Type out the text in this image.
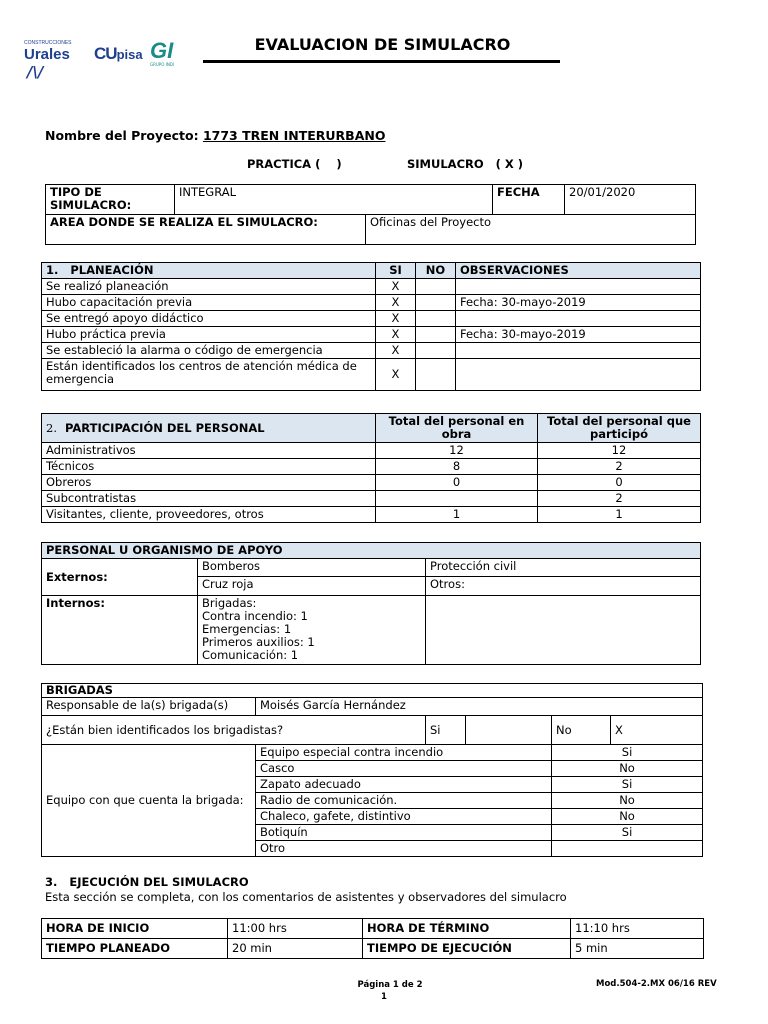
CONSTRUCCIONES
Urales /\/
CUpisa GI
GRUPO INDI
EVALUACION DE SIMULACRO
Nombre del Proyecto: 1773 TREN INTERURBANO
PRACTICA (    )	SIMULACRO   ( X )
TIPO DE SIMULACRO:	INTEGRAL		FECHA	20/01/2020
AREA DONDE SE REALIZA EL SIMULACRO:		Oficinas del Proyecto		
1.   PLANEACIÓN	SI	NO	OBSERVACIONES
Se realizó planeación	X		
Hubo capacitación previa	X		Fecha: 30-mayo-2019
Se entregó apoyo didáctico	X		
Hubo práctica previa	X		Fecha: 30-mayo-2019
Se estableció la alarma o código de emergencia	X		
Están identificados los centros de atención médica de emergencia	X		
2. PARTICIPACIÓN DEL PERSONAL	Total del personal en obra	Total del personal que participó
Administrativos	12	12
Técnicos	8	2
Obreros	0	0
Subcontratistas		2
Visitantes, cliente, proveedores, otros	1	1
PERSONAL U ORGANISMO DE APOYO		
Externos:	Bomberos	Protección civil
	Cruz roja	Otros:
Internos:	Brigadas:
Contra incendio: 1
Emergencias: 1
Primeros auxilios: 1
Comunicación: 1	

BRIGADAS					
Responsable de la(s) brigada(s)	Moisés García Hernández				
¿Están bien identificados los brigadistas?		Si		No	X
Equipo con que cuenta la brigada:	Equipo especial contra incendio			Si	
	Casco			No	
	Zapato adecuado			Si	
	Radio de comunicación.			No	
	Chaleco, gafete, distintivo			No	
	Botiquín			Si	
	Otro				
3.   EJECUCIÓN DEL SIMULACRO
Esta sección se completa, con los comentarios de asistentes y observadores del simulacro
HORA DE INICIO	11:00 hrs	HORA DE TÉRMINO	11:10 hrs
TIEMPO PLANEADO	20 min	TIEMPO DE EJECUCIÓN	5 min
Página 1 de 2
1
Mod.504-2.MX 06/16 REV
